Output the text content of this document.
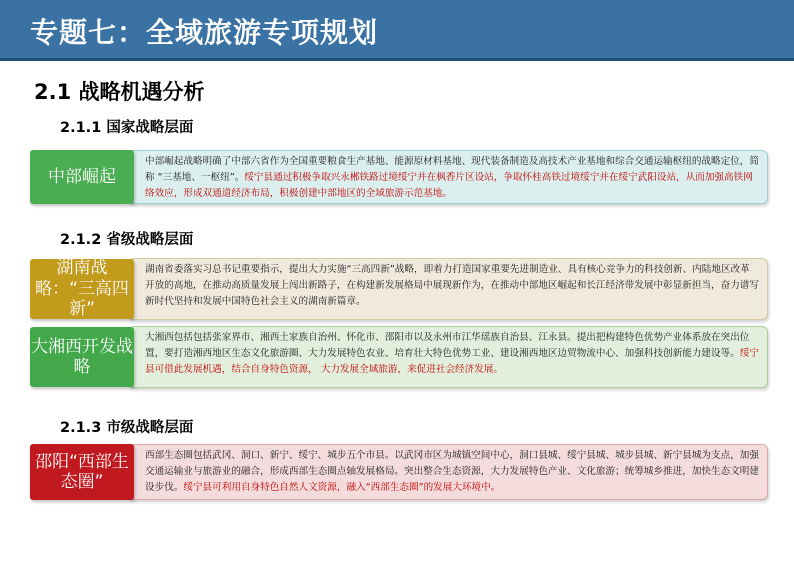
专题七：全域旅游专项规划
2.1 战略机遇分析
2.1.1 国家战略层面
中部崛起
中部崛起战略明确了中部六省作为全国重要粮食生产基地、能源原材料基地、现代装备制造及高技术产业基地和综合交通运输枢纽的战略定位，简称 “三基地、一枢纽”。绥宁县通过积极争取兴永郴铁路过境绥宁并在枫香片区设站，争取怀桂高铁过境绥宁并在绥宁武阳设站，从而加强高铁网络效应，形成双通道经济布局，积极创建中部地区的全域旅游示范基地。
2.1.2 省级战略层面
湖南战略：“三高四新”
湖南省委落实习总书记重要指示，提出大力实施“三高四新”战略，即着力打造国家重要先进制造业、具有核心竞争力的科技创新、内陆地区改革开放的高地，在推动高质量发展上闯出新路子，在构建新发展格局中展现新作为，在推动中部地区崛起和长江经济带发展中彰显新担当，奋力谱写新时代坚持和发展中国特色社会主义的湖南新篇章。
大湘西开发战略
大湘西包括包括张家界市、湘西土家族自治州、怀化市、邵阳市以及永州市江华瑶族自治县、江永县。提出把构建特色优势产业体系放在突出位置，要打造湘西地区生态文化旅游圈、大力发展特色农业、培育壮大特色优势工业、建设湘西地区边贸物流中心、加强科技创新能力建设等。绥宁县可借此发展机遇，结合自身特色资源， 大力发展全域旅游，来促进社会经济发展。
2.1.3 市级战略层面
邵阳“西部生态圈”
西部生态圈包括武冈、洞口、新宁、绥宁、城步五个市县。以武冈市区为城镇空间中心，洞口县城、绥宁县城、城步县城、新宁县城为支点，加强交通运输业与旅游业的融合，形成西部生态圈点轴发展格局。突出整合生态资源，大力发展特色产业、文化旅游；统筹城乡推进，加快生态文明建设步伐。绥宁县可利用自身特色自然人文资源，融入“西部生态圈”的发展大环境中。
